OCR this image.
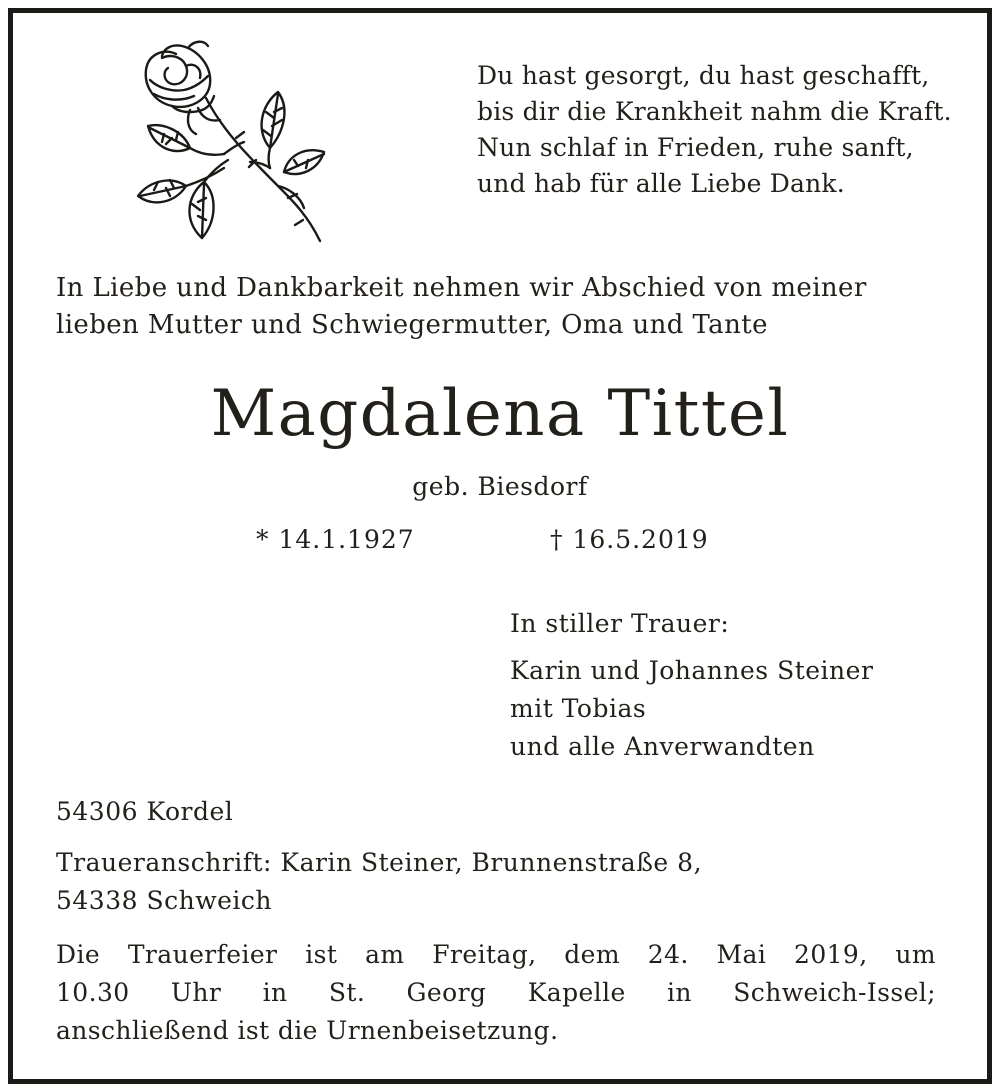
Du hast gesorgt, du hast geschafft,
bis dir die Krankheit nahm die Kraft.
Nun schlaf in Frieden, ruhe sanft,
und hab für alle Liebe Dank.
In Liebe und Dankbarkeit nehmen wir Abschied von meiner
lieben Mutter und Schwiegermutter, Oma und Tante
Magdalena Tittel
geb. Biesdorf
* 14.1.1927	† 16.5.2019
In stiller Trauer:
Karin und Johannes Steiner
mit Tobias
und alle Anverwandten
54306 Kordel
Traueranschrift: Karin Steiner, Brunnenstraße 8,
54338 Schweich
Die Trauerfeier ist am Freitag, dem 24. Mai 2019, um
10.30 Uhr in St. Georg Kapelle in Schweich-Issel;
anschließend ist die Urnenbeisetzung.
